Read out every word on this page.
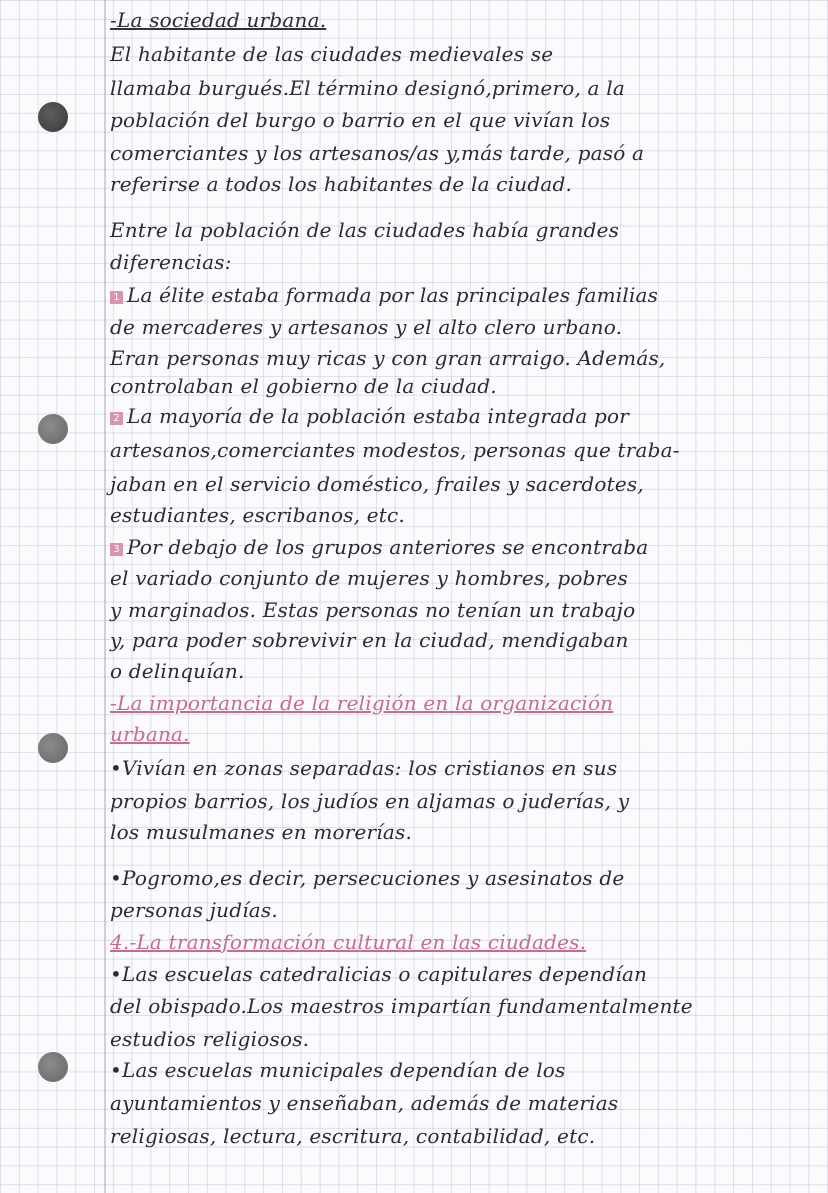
-La sociedad urbana.
El habitante de las ciudades medievales se
llamaba burgués.El término designó,primero, a la
población del burgo o barrio en el que vivían los
comerciantes y los artesanos/as y,más tarde, pasó a
referirse a todos los habitantes de la ciudad.
Entre la población de las ciudades había grandes
diferencias:
1 La élite estaba formada por las principales familias
de mercaderes y artesanos y el alto clero urbano.
Eran personas muy ricas y con gran arraigo. Además,
controlaban el gobierno de la ciudad.
2 La mayoría de la población estaba integrada por
artesanos,comerciantes modestos, personas que traba-
jaban en el servicio doméstico, frailes y sacerdotes,
estudiantes, escribanos, etc.
3 Por debajo de los grupos anteriores se encontraba
el variado conjunto de mujeres y hombres, pobres
y marginados. Estas personas no tenían un trabajo
y, para poder sobrevivir en la ciudad, mendigaban
o delinquían.
-La importancia de la religión en la organización
urbana.
•Vivían en zonas separadas: los cristianos en sus
propios barrios, los judíos en aljamas o juderías, y
los musulmanes en morerías.
•Pogromo,es decir, persecuciones y asesinatos de
personas judías.
4.-La transformación cultural en las ciudades.
•Las escuelas catedralicias o capitulares dependían
del obispado.Los maestros impartían fundamentalmente
estudios religiosos.
•Las escuelas municipales dependían de los
ayuntamientos y enseñaban, además de materias
religiosas, lectura, escritura, contabilidad, etc.
